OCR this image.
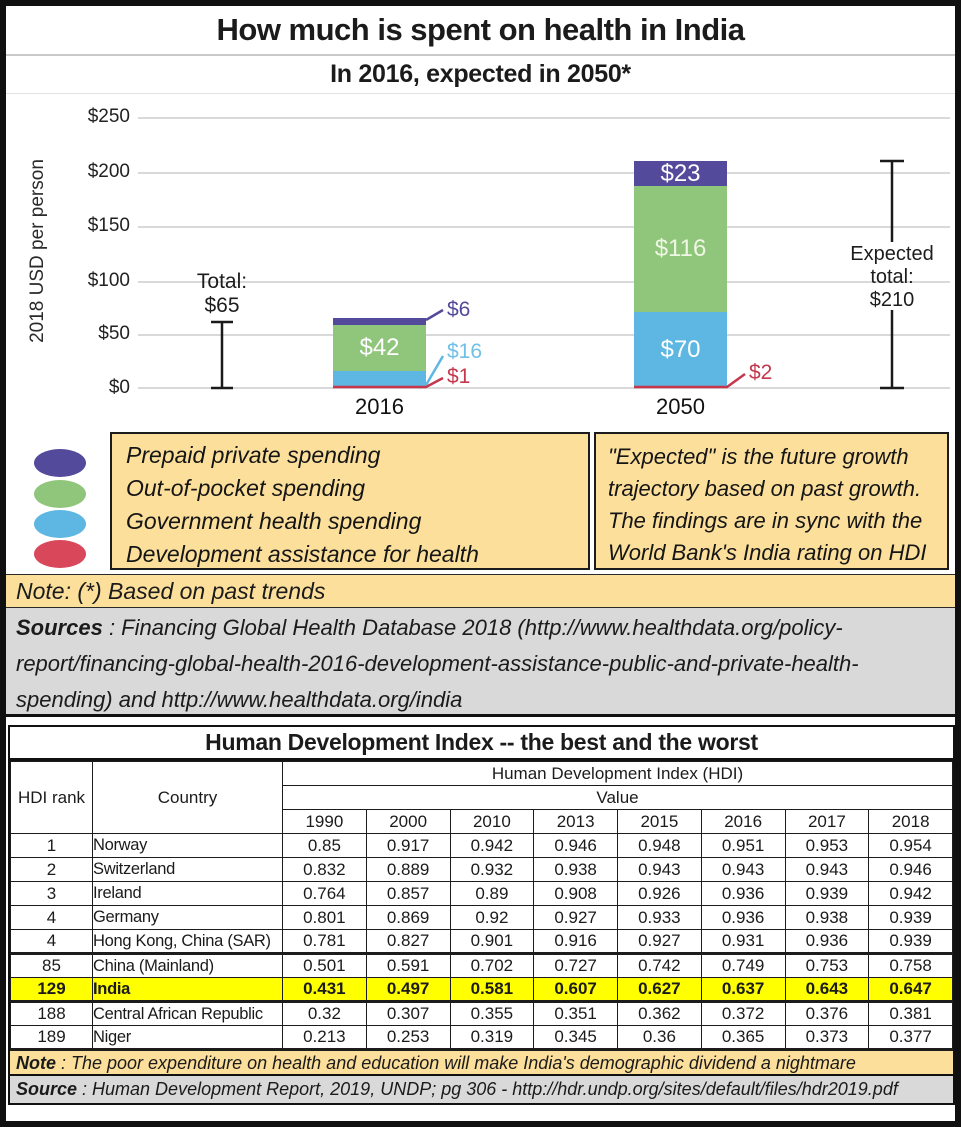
How much is spent on health in India
In 2016, expected in 2050*
2018 USD per person
$250
$200
$150
$100
$50
$0
$42
$23
$116
$70
$6
$16
$1	$2
Total:
$65
Expected
total:
$210
2016	2050
Prepaid private spending
Out-of-pocket spending
Government health spending
Development assistance for health
"Expected" is the future growth
trajectory based on past growth.
The findings are in sync with the
World Bank's India rating on HDI
Note: (*) Based on past trends
Sources : Financing Global Health Database 2018 (http://www.healthdata.org/policy-
report/financing-global-health-2016-development-assistance-public-and-private-health-
spending) and http://www.healthdata.org/india
Human Development Index -- the best and the worst
HDI rank	Country	Human Development Index (HDI)							
		Value							
		1990	2000	2010	2013	2015	2016	2017	2018
1	Norway	0.85	0.917	0.942	0.946	0.948	0.951	0.953	0.954
2	Switzerland	0.832	0.889	0.932	0.938	0.943	0.943	0.943	0.946
3	Ireland	0.764	0.857	0.89	0.908	0.926	0.936	0.939	0.942
4	Germany	0.801	0.869	0.92	0.927	0.933	0.936	0.938	0.939
4	Hong Kong, China (SAR)	0.781	0.827	0.901	0.916	0.927	0.931	0.936	0.939
85	China (Mainland)	0.501	0.591	0.702	0.727	0.742	0.749	0.753	0.758
129	India	0.431	0.497	0.581	0.607	0.627	0.637	0.643	0.647
188	Central African Republic	0.32	0.307	0.355	0.351	0.362	0.372	0.376	0.381
189	Niger	0.213	0.253	0.319	0.345	0.36	0.365	0.373	0.377
Note : The poor expenditure on health and education will make India's demographic dividend a nightmare
Source : Human Development Report, 2019, UNDP; pg 306 - http://hdr.undp.org/sites/default/files/hdr2019.pdf
